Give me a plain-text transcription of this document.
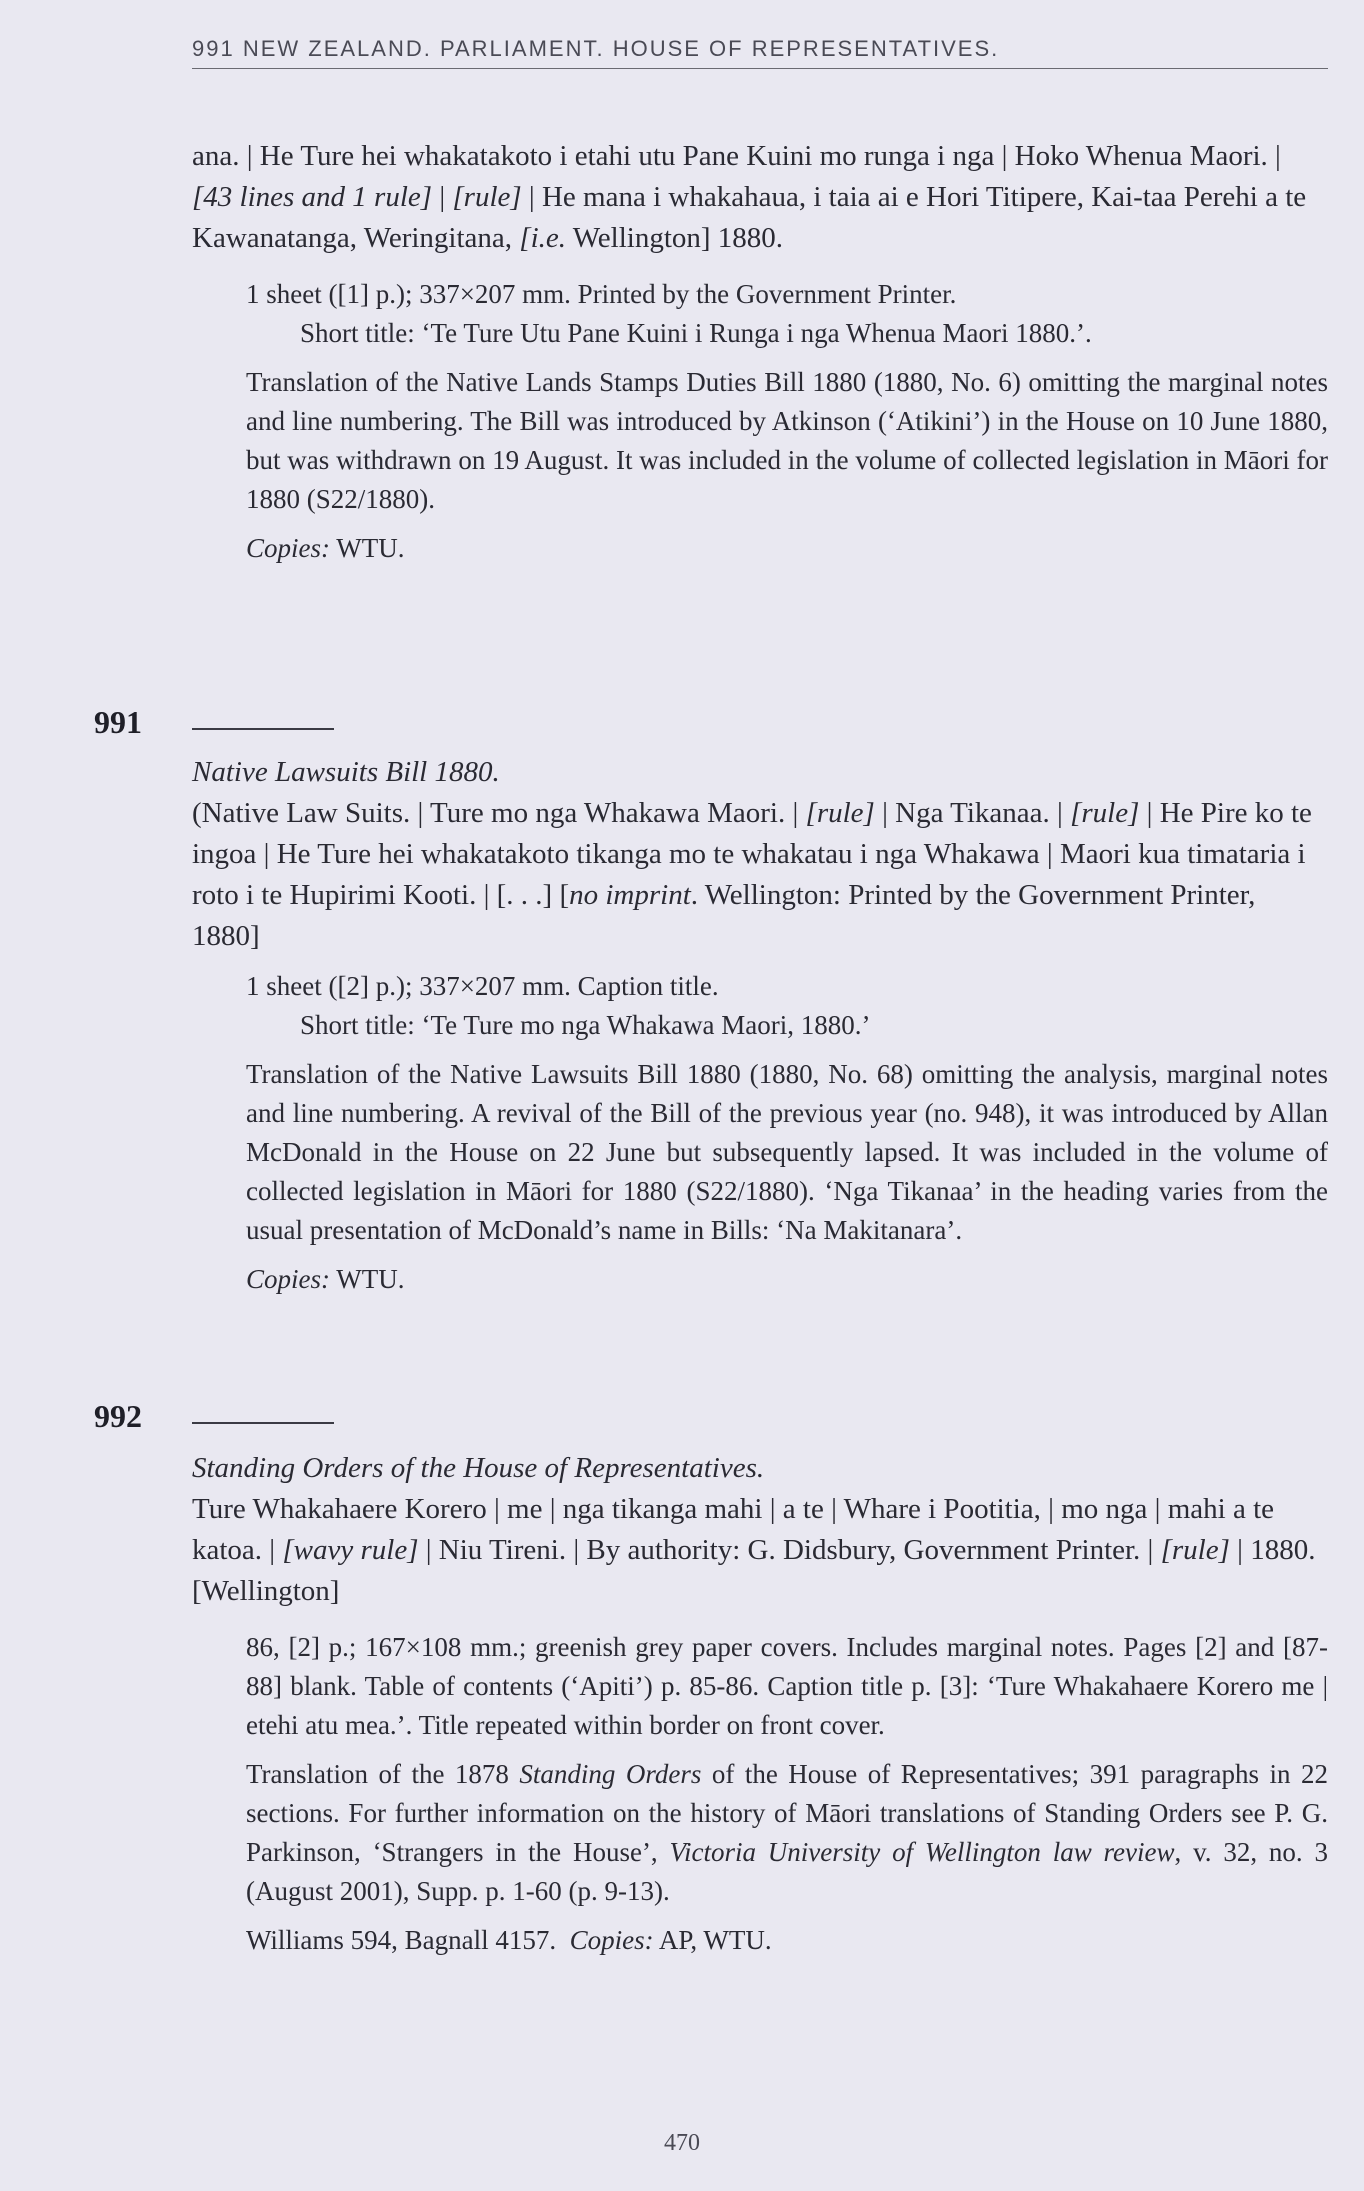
991 NEW ZEALAND. PARLIAMENT. HOUSE OF REPRESENTATIVES.

ana. | He Ture hei whakatakoto i etahi utu Pane Kuini mo runga i nga | Hoko Whenua Maori. | [43 lines and 1 rule] | [rule] | He mana i whakahaua, i taia ai e Hori Titipere, Kai-taa Perehi a te Kawanatanga, Weringitana, [i.e. Wellington] 1880.

1 sheet ([1] p.); 337×207 mm. Printed by the Government Printer.

Short title: ‘Te Ture Utu Pane Kuini i Runga i nga Whenua Maori 1880.’.

Translation of the Native Lands Stamps Duties Bill 1880 (1880, No. 6) omitting the marginal notes and line numbering. The Bill was introduced by Atkinson (‘Atikini’) in the House on 10 June 1880, but was withdrawn on 19 August. It was included in the volume of collected legislation in Māori for 1880 (S22/1880).

Copies: WTU.
991

Native Lawsuits Bill 1880.

(Native Law Suits. | Ture mo nga Whakawa Maori. | [rule] | Nga Tikanaa. | [rule] | He Pire ko te ingoa | He Ture hei whakatakoto tikanga mo te whakatau i nga Whakawa | Maori kua timataria i roto i te Hupirimi Kooti. | [. . .] [no imprint. Wellington: Printed by the Government Printer, 1880]

1 sheet ([2] p.); 337×207 mm. Caption title.

Short title: ‘Te Ture mo nga Whakawa Maori, 1880.’

Translation of the Native Lawsuits Bill 1880 (1880, No. 68) omitting the analysis, marginal notes and line numbering. A revival of the Bill of the previous year (no. 948), it was introduced by Allan McDonald in the House on 22 June but subsequently lapsed. It was included in the volume of collected legislation in Māori for 1880 (S22/1880). ‘Nga Tikanaa’ in the heading varies from the usual presentation of McDonald’s name in Bills: ‘Na Makitanara’.

Copies: WTU.
992

Standing Orders of the House of Representatives.

Ture Whakahaere Korero | me | nga tikanga mahi | a te | Whare i Pootitia, | mo nga | mahi a te katoa. | [wavy rule] | Niu Tireni. | By authority: G. Didsbury, Government Printer. | [rule] | 1880. [Wellington]

86, [2] p.; 167×108 mm.; greenish grey paper covers. Includes marginal notes. Pages [2] and [87-88] blank. Table of contents (‘Apiti’) p. 85-86. Caption title p. [3]: ‘Ture Whakahaere Korero me | etehi atu mea.’. Title repeated within border on front cover.

Translation of the 1878 Standing Orders of the House of Representatives; 391 paragraphs in 22 sections. For further information on the history of Māori translations of Standing Orders see P. G. Parkinson, ‘Strangers in the House’, Victoria University of Wellington law review, v. 32, no. 3 (August 2001), Supp. p. 1-60 (p. 9-13).

Williams 594, Bagnall 4157. Copies: AP, WTU.
470
